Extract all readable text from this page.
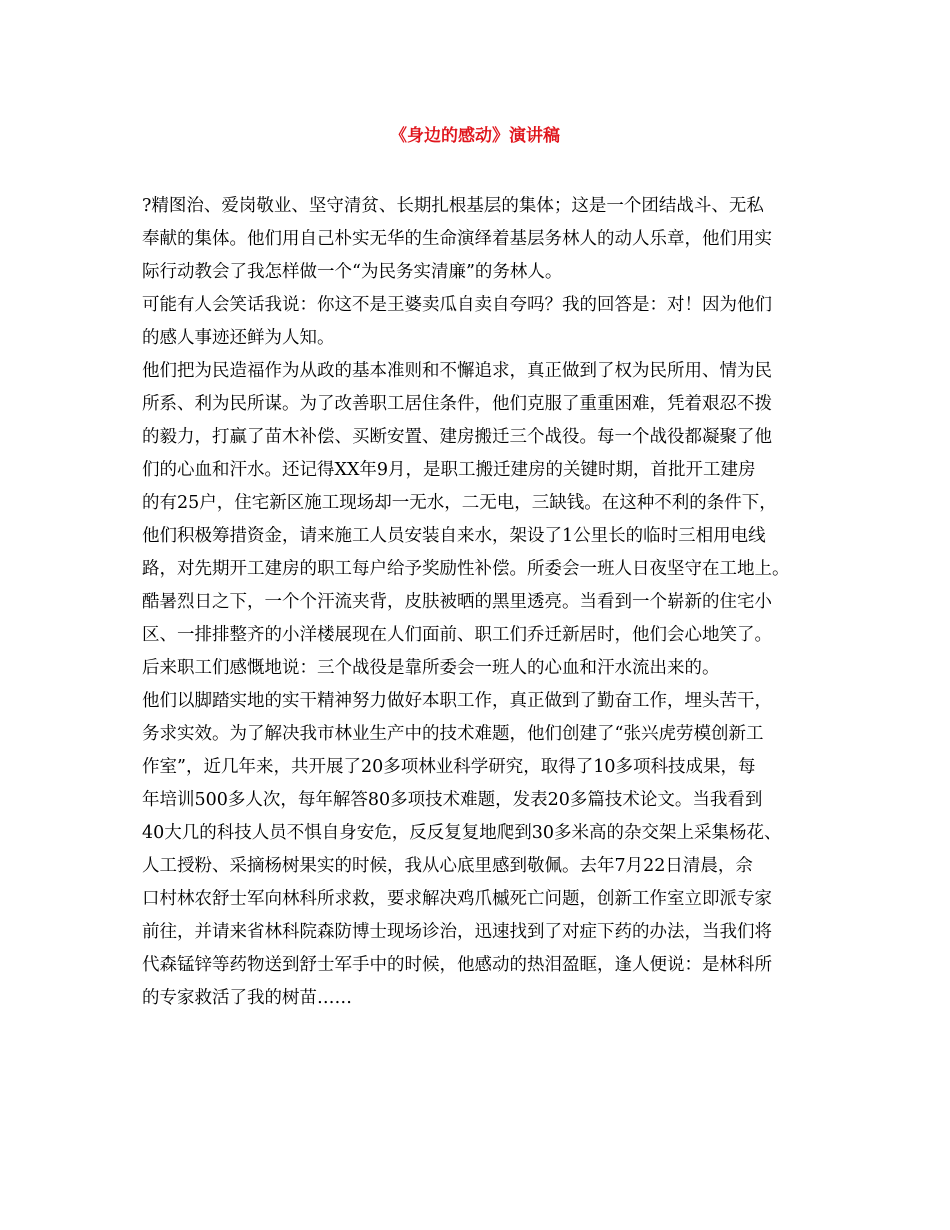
《身边的感动》演讲稿
?精图治、爱岗敬业、坚守清贫、长期扎根基层的集体；这是一个团结战斗、无私
奉献的集体。他们用自己朴实无华的生命演绎着基层务林人的动人乐章，他们用实
际行动教会了我怎样做一个“为民务实清廉”的务林人。
可能有人会笑话我说：你这不是王婆卖瓜自卖自夸吗？我的回答是：对！因为他们
的感人事迹还鲜为人知。
他们把为民造福作为从政的基本准则和不懈追求，真正做到了权为民所用、情为民
所系、利为民所谋。为了改善职工居住条件，他们克服了重重困难，凭着艰忍不拨
的毅力，打赢了苗木补偿、买断安置、建房搬迁三个战役。每一个战役都凝聚了他
们的心血和汗水。还记得XX年9月，是职工搬迁建房的关键时期，首批开工建房
的有25户，住宅新区施工现场却一无水，二无电，三缺钱。在这种不利的条件下，
他们积极筹措资金，请来施工人员安装自来水，架设了1公里长的临时三相用电线
路，对先期开工建房的职工每户给予奖励性补偿。所委会一班人日夜坚守在工地上。
酷暑烈日之下，一个个汗流夹背，皮肤被晒的黑里透亮。当看到一个崭新的住宅小
区、一排排整齐的小洋楼展现在人们面前、职工们乔迁新居时，他们会心地笑了。
后来职工们感慨地说：三个战役是靠所委会一班人的心血和汗水流出来的。
他们以脚踏实地的实干精神努力做好本职工作，真正做到了勤奋工作，埋头苦干，
务求实效。为了解决我市林业生产中的技术难题，他们创建了“张兴虎劳模创新工
作室”，近几年来，共开展了20多项林业科学研究，取得了10多项科技成果，每
年培训500多人次，每年解答80多项技术难题，发表20多篇技术论文。当我看到
40大几的科技人员不惧自身安危，反反复复地爬到30多米高的杂交架上采集杨花、
人工授粉、采摘杨树果实的时候，我从心底里感到敬佩。去年7月22日清晨，佘
口村林农舒士军向林科所求救，要求解决鸡爪槭死亡问题，创新工作室立即派专家
前往，并请来省林科院森防博士现场诊治，迅速找到了对症下药的办法，当我们将
代森锰锌等药物送到舒士军手中的时候，他感动的热泪盈眶，逢人便说：是林科所
的专家救活了我的树苗……
